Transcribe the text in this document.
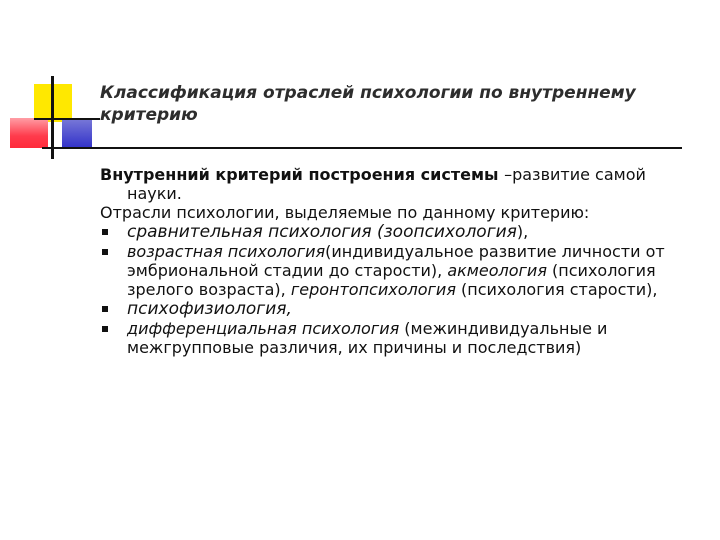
Классификация отраслей психологии по внутреннему критерию

Внутренний критерий построения системы –развитие самой науки.

Отрасли психологии, выделяемые по данному критерию:

сравнительная психология (зоопсихология),
возрастная психология(индивидуальное развитие личности от эмбриональной стадии до старости), акмеология (психология зрелого возраста), геронтопсихология (психология старости),
психофизиология,
дифференциальная психология (межиндивидуальные и межгрупповые различия, их причины и последствия)
